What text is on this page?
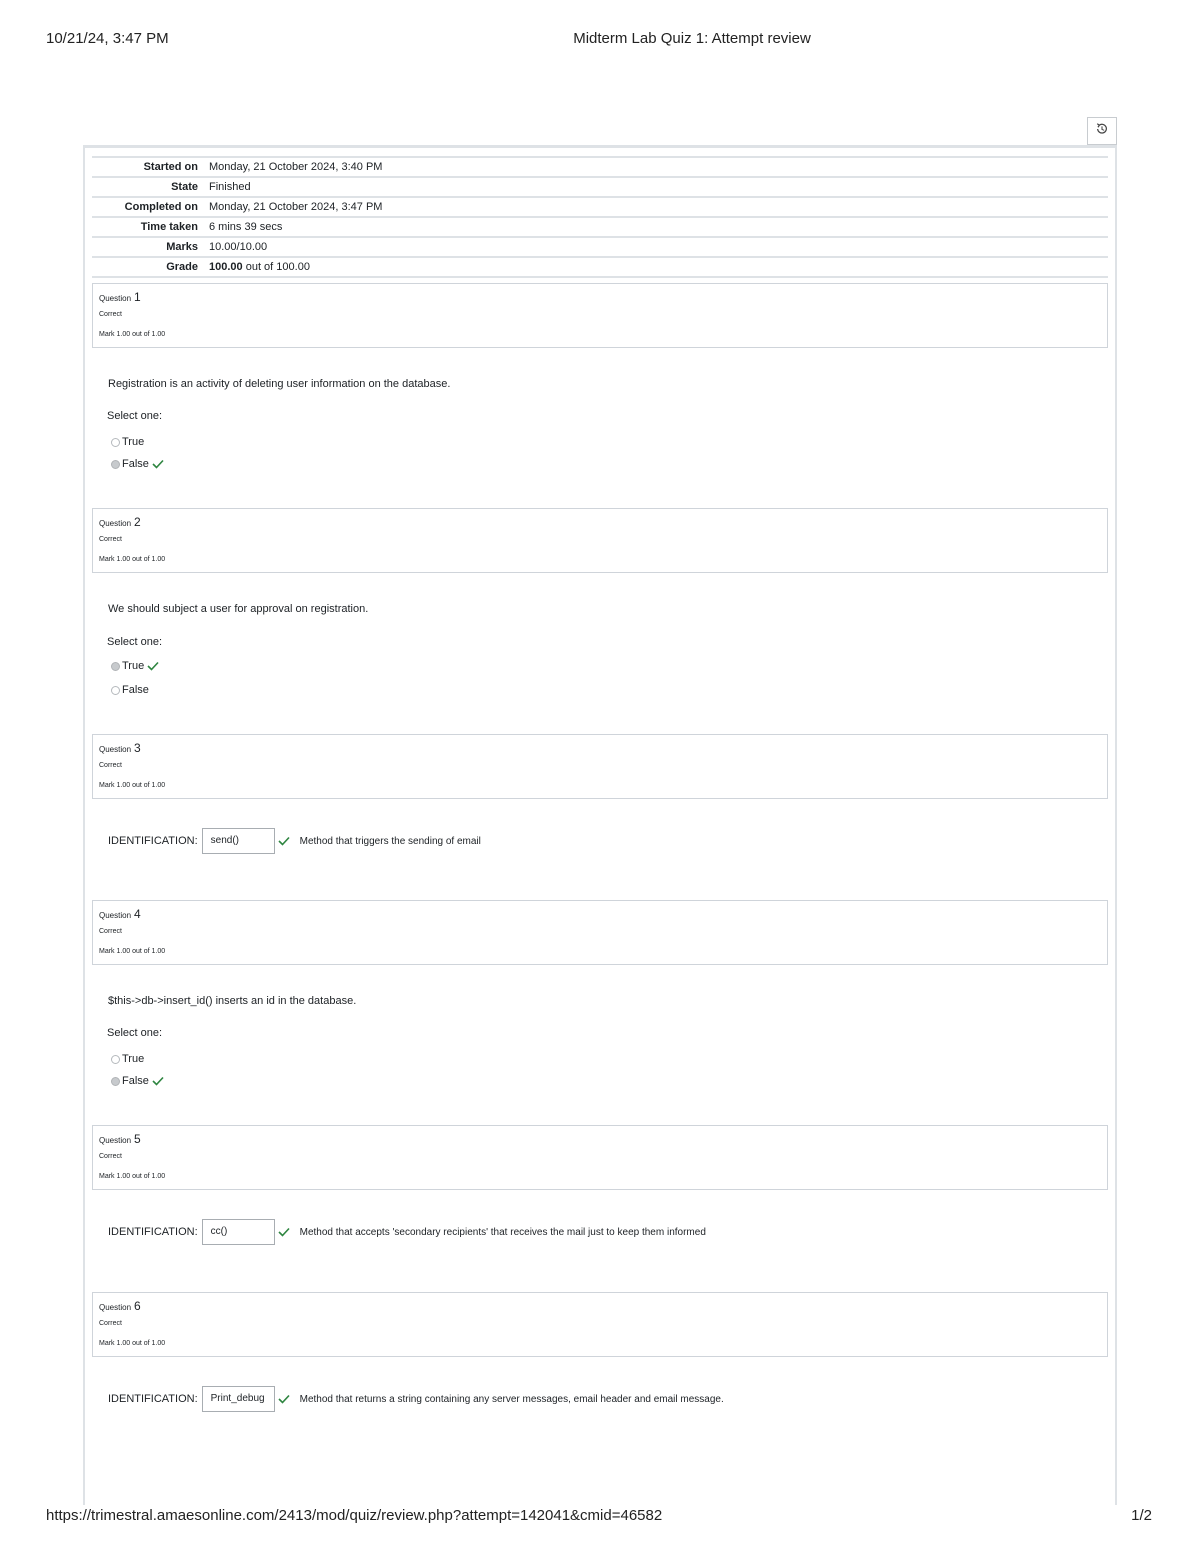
10/21/24, 3:47 PM	Midterm Lab Quiz 1: Attempt review
Started on Monday, 21 October 2024, 3:40 PM
State Finished
Completed on Monday, 21 October 2024, 3:47 PM
Time taken 6 mins 39 secs
Marks 10.00/10.00
Grade 100.00 out of 100.00
Question 1
Correct
Mark 1.00 out of 1.00
Registration is an activity of deleting user information on the database.
Select one:
True
False
Question 2
Correct
Mark 1.00 out of 1.00
We should subject a user for approval on registration.
Select one:
True
False
Question 3
Correct
Mark 1.00 out of 1.00
IDENTIFICATION:	send()	Method that triggers the sending of email
Question 4
Correct
Mark 1.00 out of 1.00
$this->db->insert_id() inserts an id in the database.
Select one:
True
False
Question 5
Correct
Mark 1.00 out of 1.00
IDENTIFICATION:	cc()	Method that accepts 'secondary recipients' that receives the mail just to keep them informed
Question 6
Correct
Mark 1.00 out of 1.00
IDENTIFICATION:	Print_debug	Method that returns a string containing any server messages, email header and email message.
https://trimestral.amaesonline.com/2413/mod/quiz/review.php?attempt=142041&cmid=46582	1/2
